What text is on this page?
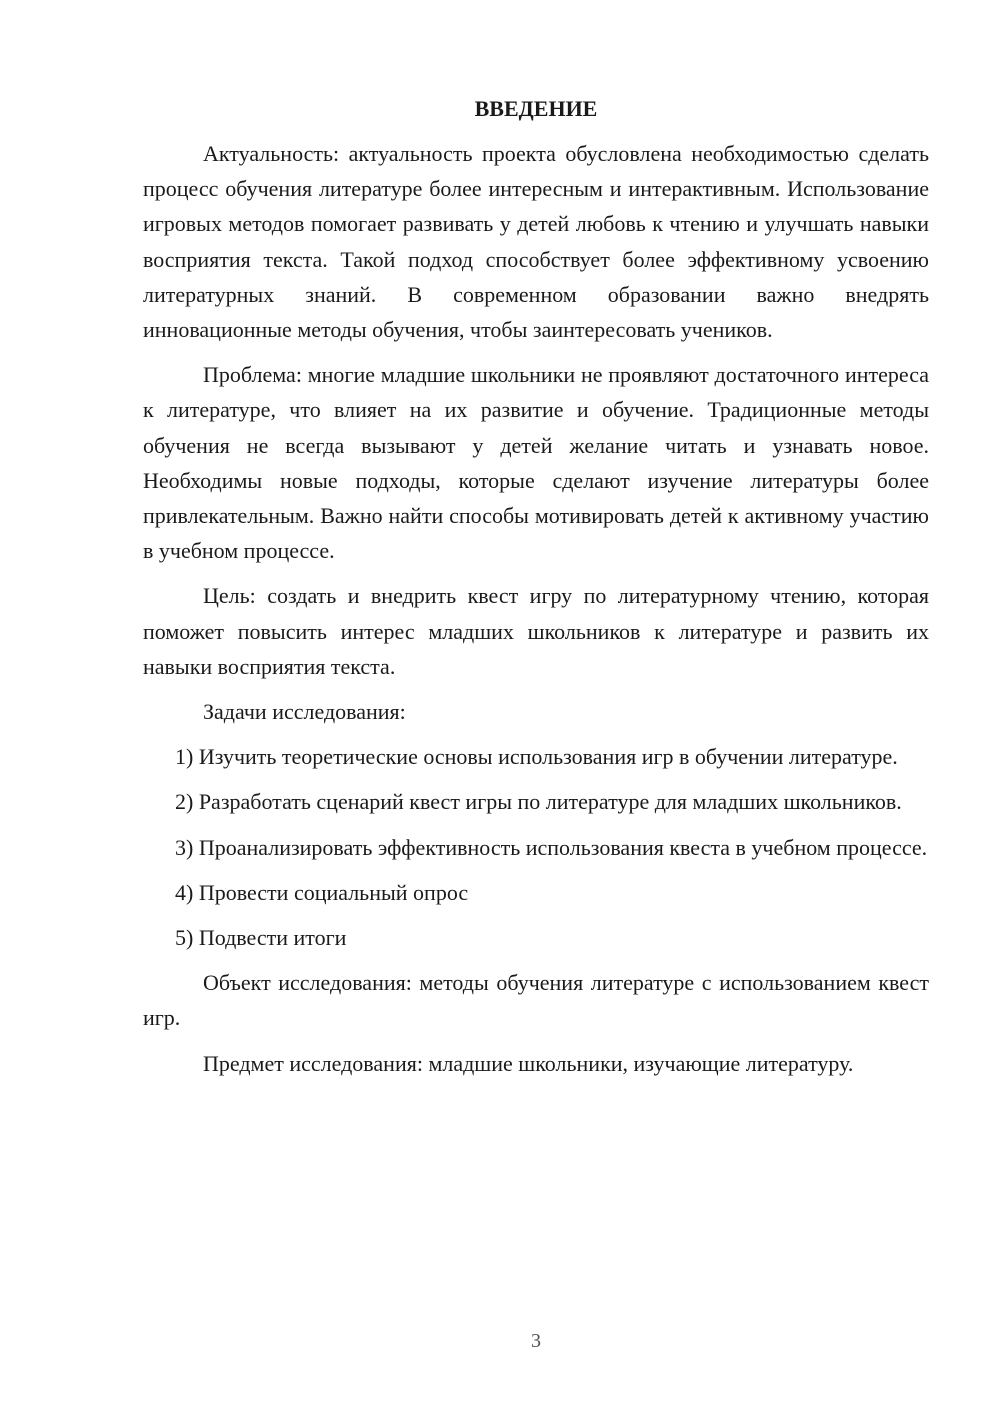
ВВЕДЕНИЕ

Актуальность: актуальность проекта обусловлена необходимостью сделать процесс обучения литературе более интересным и интерактивным. Использование игровых методов помогает развивать у детей любовь к чтению и улучшать навыки восприятия текста. Такой подход способствует более эффективному усвоению литературных знаний. В современном образовании важно внедрять инновационные методы обучения, чтобы заинтересовать учеников.

Проблема: многие младшие школьники не проявляют достаточного интереса к литературе, что влияет на их развитие и обучение. Традиционные методы обучения не всегда вызывают у детей желание читать и узнавать новое. Необходимы новые подходы, которые сделают изучение литературы более привлекательным. Важно найти способы мотивировать детей к активному участию в учебном процессе.

Цель: создать и внедрить квест игру по литературному чтению, которая поможет повысить интерес младших школьников к литературе и развить их навыки восприятия текста.

Задачи исследования:

1) Изучить теоретические основы использования игр в обучении литературе.

2) Разработать сценарий квест игры по литературе для младших школьников.

3) Проанализировать эффективность использования квеста в учебном процессе.

4) Провести социальный опрос

5) Подвести итоги

Объект исследования: методы обучения литературе с использованием квест игр.

Предмет исследования: младшие школьники, изучающие литературу.

3
